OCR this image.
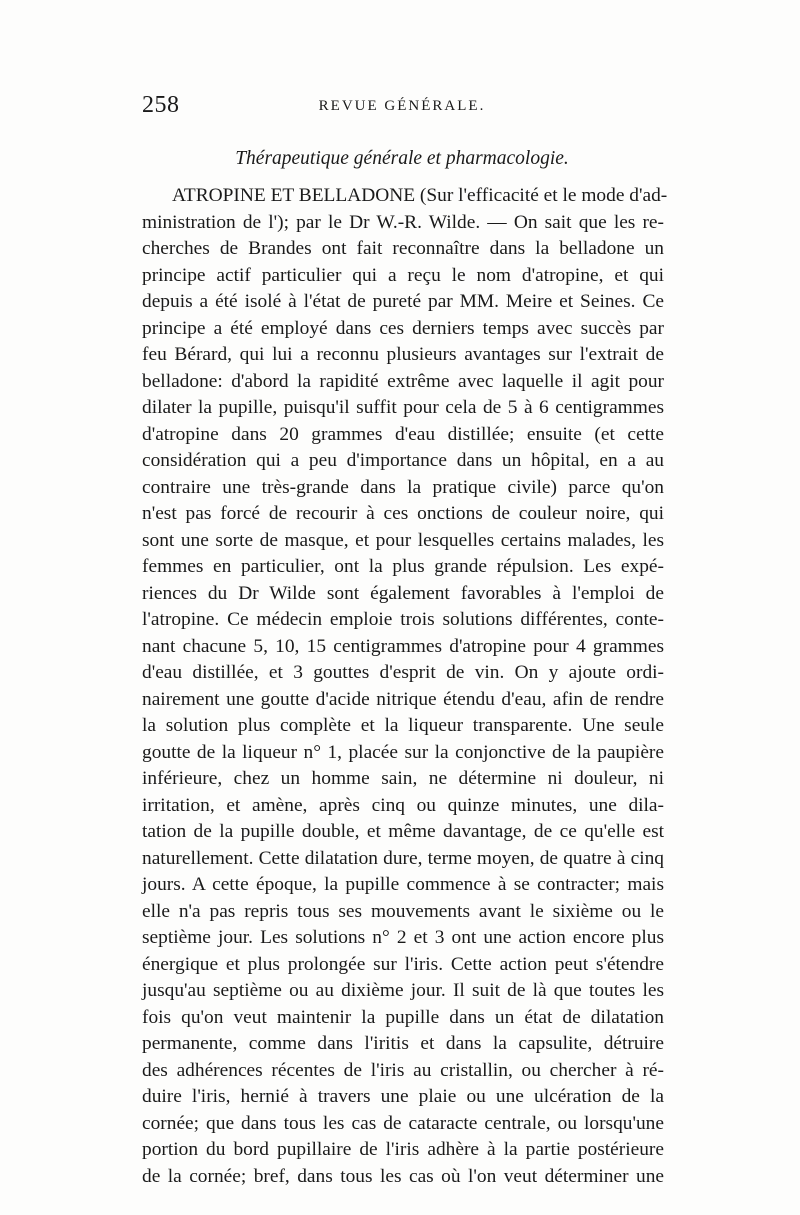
258	REVUE GÉNÉRALE.
Thérapeutique générale et pharmacologie.
ATROPINE ET BELLADONE (Sur l'efficacité et le mode d'ad-
ministration de l'); par le Dr W.-R. Wilde. — On sait que les re-
cherches de Brandes ont fait reconnaître dans la belladone un
principe actif particulier qui a reçu le nom d'atropine, et qui
depuis a été isolé à l'état de pureté par MM. Meire et Seines. Ce
principe a été employé dans ces derniers temps avec succès par
feu Bérard, qui lui a reconnu plusieurs avantages sur l'extrait de
belladone: d'abord la rapidité extrême avec laquelle il agit pour
dilater la pupille, puisqu'il suffit pour cela de 5 à 6 centigrammes
d'atropine dans 20 grammes d'eau distillée; ensuite (et cette
considération qui a peu d'importance dans un hôpital, en a au
contraire une très-grande dans la pratique civile) parce qu'on
n'est pas forcé de recourir à ces onctions de couleur noire, qui
sont une sorte de masque, et pour lesquelles certains malades, les
femmes en particulier, ont la plus grande répulsion. Les expé-
riences du Dr Wilde sont également favorables à l'emploi de
l'atropine. Ce médecin emploie trois solutions différentes, conte-
nant chacune 5, 10, 15 centigrammes d'atropine pour 4 grammes
d'eau distillée, et 3 gouttes d'esprit de vin. On y ajoute ordi-
nairement une goutte d'acide nitrique étendu d'eau, afin de rendre
la solution plus complète et la liqueur transparente. Une seule
goutte de la liqueur n° 1, placée sur la conjonctive de la paupière
inférieure, chez un homme sain, ne détermine ni douleur, ni
irritation, et amène, après cinq ou quinze minutes, une dila-
tation de la pupille double, et même davantage, de ce qu'elle est
naturellement. Cette dilatation dure, terme moyen, de quatre à cinq
jours. A cette époque, la pupille commence à se contracter; mais
elle n'a pas repris tous ses mouvements avant le sixième ou le
septième jour. Les solutions n° 2 et 3 ont une action encore plus
énergique et plus prolongée sur l'iris. Cette action peut s'étendre
jusqu'au septième ou au dixième jour. Il suit de là que toutes les
fois qu'on veut maintenir la pupille dans un état de dilatation
permanente, comme dans l'iritis et dans la capsulite, détruire
des adhérences récentes de l'iris au cristallin, ou chercher à ré-
duire l'iris, hernié à travers une plaie ou une ulcération de la
cornée; que dans tous les cas de cataracte centrale, ou lorsqu'une
portion du bord pupillaire de l'iris adhère à la partie postérieure
de la cornée; bref, dans tous les cas où l'on veut déterminer une
